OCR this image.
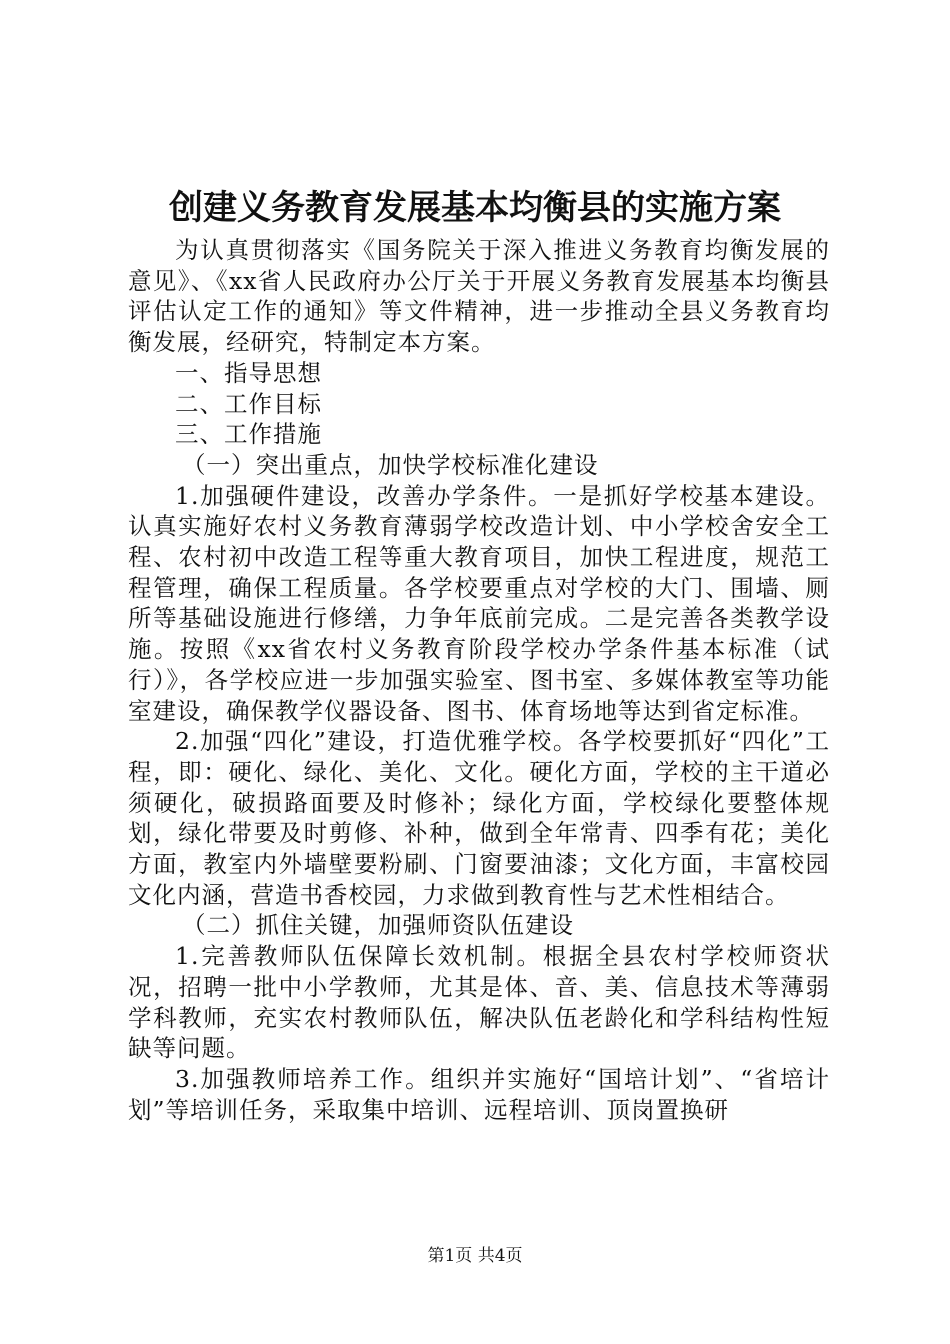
创建义务教育发展基本均衡县的实施方案

为认真贯彻落实《国务院关于深入推进义务教育均衡发展的意见》、《xx省人民政府办公厅关于开展义务教育发展基本均衡县评估认定工作的通知》等文件精神，进一步推动全县义务教育均衡发展，经研究，特制定本方案。

一、指导思想

二、工作目标

三、工作措施

（一）突出重点，加快学校标准化建设

1.加强硬件建设，改善办学条件。一是抓好学校基本建设。认真实施好农村义务教育薄弱学校改造计划、中小学校舍安全工程、农村初中改造工程等重大教育项目，加快工程进度，规范工程管理，确保工程质量。各学校要重点对学校的大门、围墙、厕所等基础设施进行修缮，力争年底前完成。二是完善各类教学设施。按照《xx省农村义务教育阶段学校办学条件基本标准（试行）》，各学校应进一步加强实验室、图书室、多媒体教室等功能室建设，确保教学仪器设备、图书、体育场地等达到省定标准。

2.加强“四化”建设，打造优雅学校。各学校要抓好“四化”工程，即：硬化、绿化、美化、文化。硬化方面，学校的主干道必须硬化，破损路面要及时修补；绿化方面，学校绿化要整体规划，绿化带要及时剪修、补种，做到全年常青、四季有花；美化方面，教室内外墙壁要粉刷、门窗要油漆；文化方面，丰富校园文化内涵，营造书香校园，力求做到教育性与艺术性相结合。

（二）抓住关键，加强师资队伍建设

1.完善教师队伍保障长效机制。根据全县农村学校师资状况，招聘一批中小学教师，尤其是体、音、美、信息技术等薄弱学科教师，充实农村教师队伍，解决队伍老龄化和学科结构性短缺等问题。

3.加强教师培养工作。组织并实施好“国培计划”、“省培计划”等培训任务，采取集中培训、远程培训、顶岗置换研

第1页 共4页
